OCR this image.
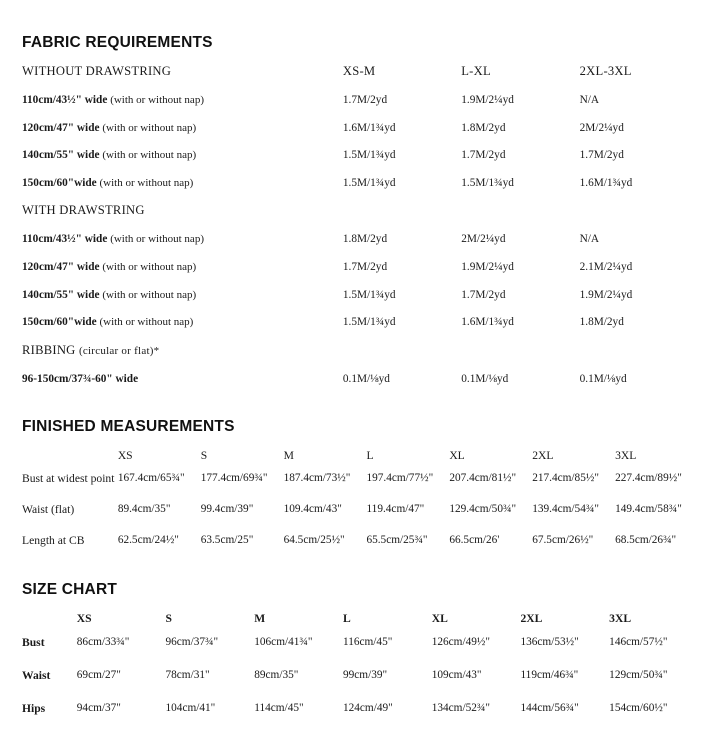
FABRIC REQUIREMENTS
WITHOUT DRAWSTRING	XS-M	L-XL	2XL-3XL
110cm/43½" wide (with or without nap)	1.7M/2yd	1.9M/2¼yd	N/A
120cm/47" wide (with or without nap)	1.6M/1¾yd	1.8M/2yd	2M/2¼yd
140cm/55" wide (with or without nap)	1.5M/1¾yd	1.7M/2yd	1.7M/2yd
150cm/60"wide (with or without nap)	1.5M/1¾yd	1.5M/1¾yd	1.6M/1¾yd
WITH DRAWSTRING			
110cm/43½" wide (with or without nap)	1.8M/2yd	2M/2¼yd	N/A
120cm/47" wide (with or without nap)	1.7M/2yd	1.9M/2¼yd	2.1M/2¼yd
140cm/55" wide (with or without nap)	1.5M/1¾yd	1.7M/2yd	1.9M/2¼yd
150cm/60"wide (with or without nap)	1.5M/1¾yd	1.6M/1¾yd	1.8M/2yd
RIBBING (circular or flat)*			
96-150cm/37¾-60" wide	0.1M/⅛yd	0.1M/⅛yd	0.1M/⅛yd
FINISHED MEASUREMENTS
	XS	S	M	L	XL	2XL	3XL
Bust at widest point	167.4cm/65¾"	177.4cm/69¾"	187.4cm/73½"	197.4cm/77½"	207.4cm/81½"	217.4cm/85½"	227.4cm/89½"
Waist (flat)	89.4cm/35"	99.4cm/39"	109.4cm/43"	119.4cm/47"	129.4cm/50¾"	139.4cm/54¾"	149.4cm/58¾"
Length at CB	62.5cm/24½"	63.5cm/25"	64.5cm/25½"	65.5cm/25¾"	66.5cm/26'	67.5cm/26½"	68.5cm/26¾"
SIZE CHART
	XS	S	M	L	XL	2XL	3XL
Bust	86cm/33¾"	96cm/37¾"	106cm/41¾"	116cm/45"	126cm/49½"	136cm/53½"	146cm/57½"
Waist	69cm/27"	78cm/31"	89cm/35"	99cm/39"	109cm/43"	119cm/46¾"	129cm/50¾"
Hips	94cm/37"	104cm/41"	114cm/45"	124cm/49"	134cm/52¾"	144cm/56¾"	154cm/60½"
